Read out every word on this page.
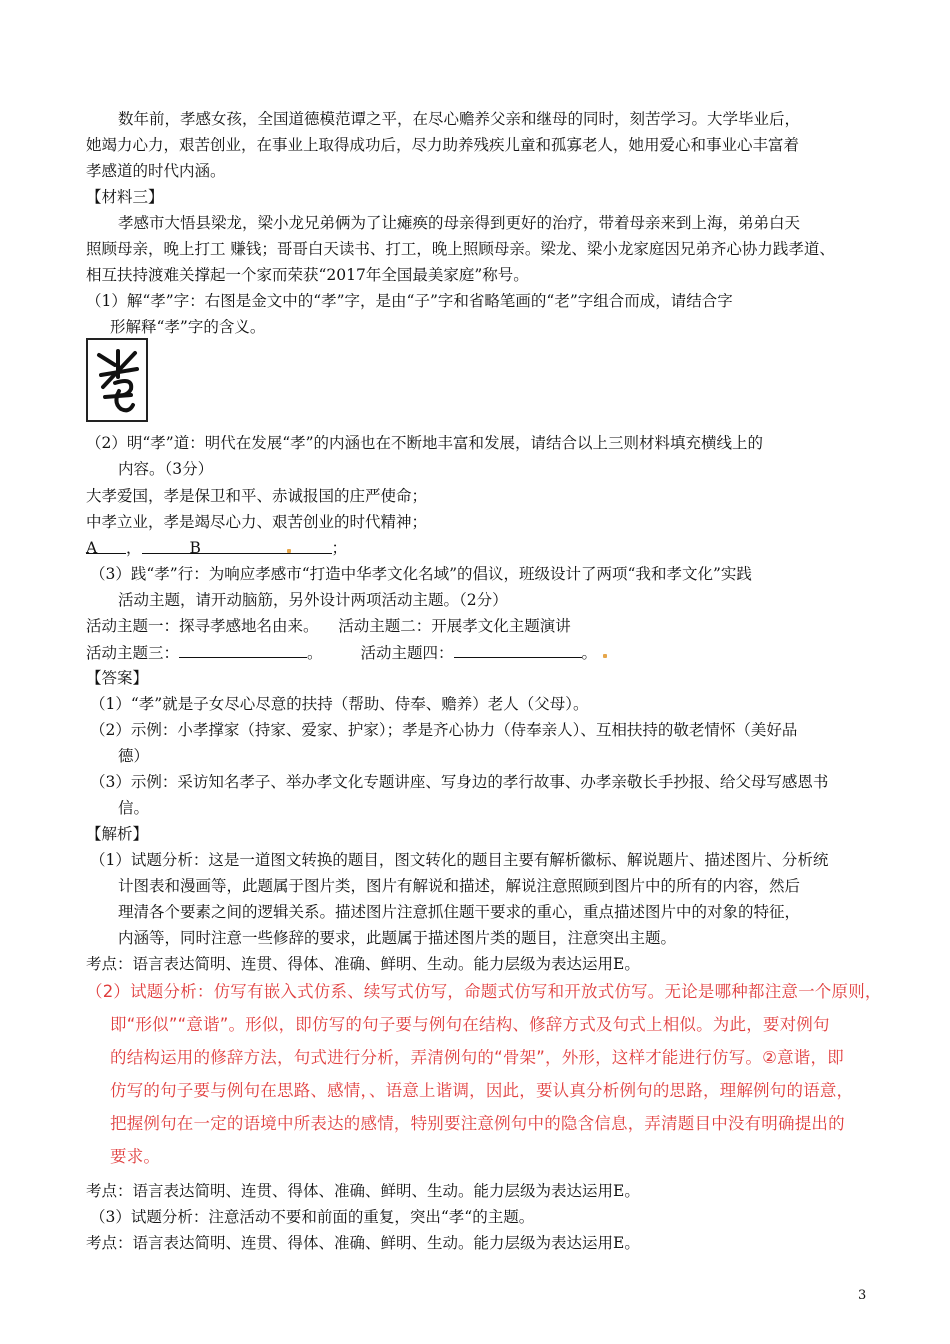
数年前，孝感女孩，全国道德模范谭之平，在尽心赡养父亲和继母的同时，刻苦学习。大学毕业后，
她竭力心力，艰苦创业，在事业上取得成功后，尽力助养残疾儿童和孤寡老人，她用爱心和事业心丰富着
孝感道的时代内涵。
【材料三】
孝感市大悟县梁龙，梁小龙兄弟俩为了让瘫痪的母亲得到更好的治疗，带着母亲来到上海，弟弟白天
照顾母亲，晚上打工 赚钱；哥哥白天读书、打工，晚上照顾母亲。梁龙、梁小龙家庭因兄弟齐心协力践孝道、
相互扶持渡难关撑起一个家而荣获“2017年全国最美家庭”称号。
（1）解“孝”字：右图是金文中的“孝”字，是由“子”字和省略笔画的“老”字组合而成，请结合字
形解释“孝”字的含义。
（2）明“孝”道：明代在发展“孝”的内涵也在不断地丰富和发展，请结合以上三则材料填充横线上的
内容。（3分）
大孝爱国，孝是保卫和平、赤诚报国的庄严使命；
中孝立业，孝是竭尽心力、艰苦创业的时代精神；
A ，	B	；
（3）践“孝”行：为响应孝感市“打造中华孝文化名域”的倡议，班级设计了两项“我和孝文化”实践
活动主题，请开动脑筋，另外设计两项活动主题。（2分）
活动主题一：探寻孝感地名由来。    活动主题二：开展孝文化主题演讲
活动主题三：	。 活动主题四：	。
【答案】
（1）“孝”就是子女尽心尽意的扶持（帮助、侍奉、赡养）老人（父母）。
（2）示例：小孝撑家（持家、爱家、护家）；孝是齐心协力（侍奉亲人）、互相扶持的敬老情怀（美好品
德）
（3）示例：采访知名孝子、举办孝文化专题讲座、写身边的孝行故事、办孝亲敬长手抄报、给父母写感恩书
信。
【解析】
（1）试题分析：这是一道图文转换的题目，图文转化的题目主要有解析徽标、解说题片、描述图片、分析统
计图表和漫画等，此题属于图片类，图片有解说和描述，解说注意照顾到图片中的所有的内容，然后
理清各个要素之间的逻辑关系。描述图片注意抓住题干要求的重心，重点描述图片中的对象的特征，
内涵等，同时注意一些修辞的要求，此题属于描述图片类的题目，注意突出主题。
考点：语言表达简明、连贯、得体、准确、鲜明、生动。能力层级为表达运用E。
（2）试题分析：仿写有嵌入式仿系、续写式仿写，命题式仿写和开放式仿写。无论是哪种都注意一个原则，
即“形似”“意谐”。形似，即仿写的句子要与例句在结构、修辞方式及句式上相似。为此，要对例句
的结构运用的修辞方法，句式进行分析，弄清例句的“骨架”，外形，这样才能进行仿写。②意谐，即
仿写的句子要与例句在思路、感情，、语意上谐调，因此，要认真分析例句的思路，理解例句的语意，
把握例句在一定的语境中所表达的感情，特别要注意例句中的隐含信息，弄清题目中没有明确提出的
要求。
考点：语言表达简明、连贯、得体、准确、鲜明、生动。能力层级为表达运用E。
（3）试题分析：注意活动不要和前面的重复，突出“孝“的主题。
考点：语言表达简明、连贯、得体、准确、鲜明、生动。能力层级为表达运用E。
3
